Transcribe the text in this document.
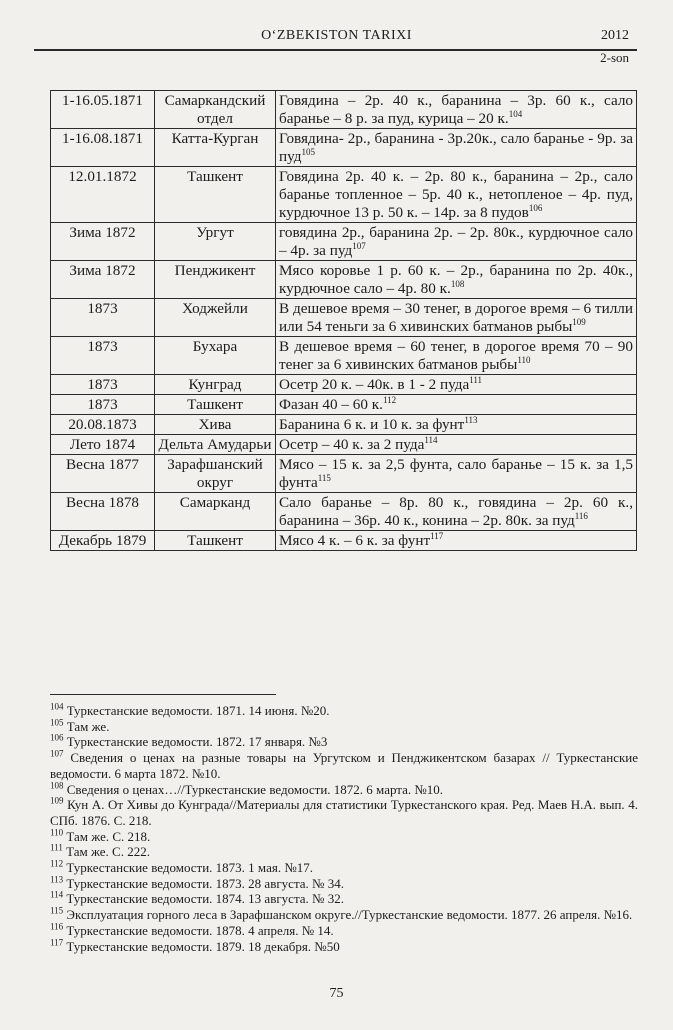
O‘ZBEKISTON TARIXI	2012
2-son
1-16.05.1871	Самаркандский отдел	Говядина – 2р. 40 к., баранина – 3р. 60 к., сало баранье – 8 р. за пуд, курица – 20 к.$^{104}$
1-16.08.1871	Катта-Курган	Говядина- 2р., баранина - 3р.20к., сало баранье - 9р. за пуд$^{105}$
12.01.1872	Ташкент	Говядина 2р. 40 к. – 2р. 80 к., баранина – 2р., сало баранье топленное – 5р. 40 к., нетопленое – 4р. пуд, курдючное 13 р. 50 к. – 14р. за 8 пудов$^{106}$
Зима 1872	Ургут	говядина 2р., баранина 2р. – 2р. 80к., курдючное сало – 4р. за пуд$^{107}$
Зима 1872	Пенджикент	Мясо коровье 1 р. 60 к. – 2р., баранина по 2р. 40к., курдючное сало – 4р. 80 к.$^{108}$
1873	Ходжейли	В дешевое время – 30 тенег, в дорогое время – 6 тилли или 54 теньги за 6 хивинских батманов рыбы$^{109}$
1873	Бухара	В дешевое время – 60 тенег, в дорогое время 70 – 90 тенег за 6 хивинских батманов рыбы$^{110}$
1873	Кунград	Осетр 20 к. – 40к. в 1 - 2 пуда$^{111}$
1873	Ташкент	Фазан 40 – 60 к.$^{112}$
20.08.1873	Хива	Баранина 6 к. и 10 к. за фунт$^{113}$
Лето 1874	Дельта Амударьи	Осетр – 40 к. за 2 пуда$^{114}$
Весна 1877	Зарафшанский округ	Мясо – 15 к. за 2,5 фунта, сало баранье – 15 к. за 1,5 фунта$^{115}$
Весна 1878	Самарканд	Сало баранье – 8р. 80 к., говядина – 2р. 60 к., баранина – 36р. 40 к., конина – 2р. 80к. за пуд$^{116}$
Декабрь 1879	Ташкент	Мясо 4 к. – 6 к. за фунт$^{117}$
$^{104}$ Туркестанские ведомости. 1871. 14 июня. №20.
$^{105}$ Там же.
$^{106}$ Туркестанские ведомости. 1872. 17 января. №3
$^{107}$ Сведения о ценах на разные товары на Ургутском и Пенджикентском базарах // Туркестанские ведомости. 6 марта 1872. №10.
$^{108}$ Сведения о ценах…//Туркестанские ведомости. 1872. 6 марта. №10.
$^{109}$ Кун А. От Хивы до Кунграда//Материалы для статистики Туркестанского края. Ред. Маев Н.А. вып. 4. СПб. 1876. С. 218.
$^{110}$ Там же. С. 218.
$^{111}$ Там же. С. 222.
$^{112}$ Туркестанские ведомости. 1873. 1 мая. №17.
$^{113}$ Туркестанские ведомости. 1873. 28 августа. № 34.
$^{114}$ Туркестанские ведомости. 1874. 13 августа. № 32.
$^{115}$ Эксплуатация горного леса в Зарафшанском округе.//Туркестанские ведомости. 1877. 26 апреля. №16.
$^{116}$ Туркестанские ведомости. 1878. 4 апреля. № 14.
$^{117}$ Туркестанские ведомости. 1879. 18 декабря. №50
75
